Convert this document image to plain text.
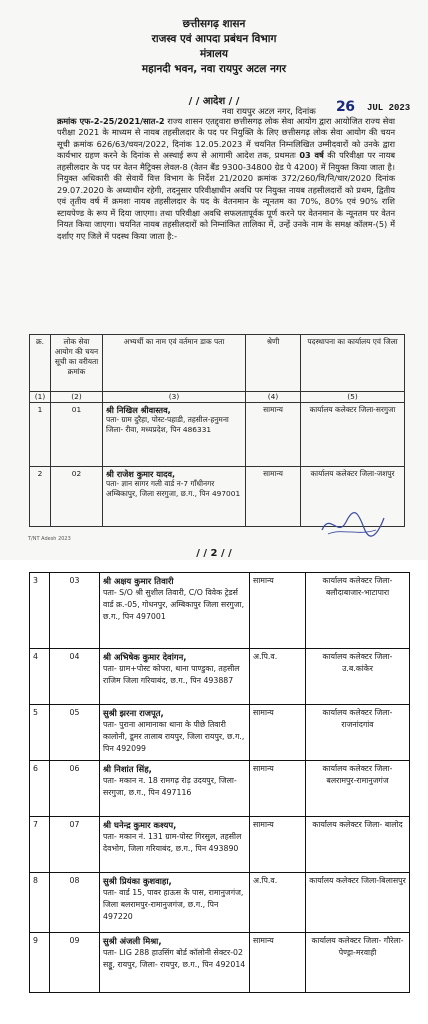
छत्तीसगढ़ शासन
राजस्व एवं आपदा प्रबंधन विभाग
मंत्रालय
महानदी भवन, नवा रायपुर अटल नगर
/ / आदेश / /
नवा रायपुर अटल नगर, दिनांक 26 JUL 2023
क्रमांक एफ-2-25/2021/सात-2 राज्य शासन एतद्द्वारा छत्तीसगढ़ लोक सेवा आयोग द्वारा आयोजित राज्य सेवा परीक्षा 2021 के माध्यम से नायब तहसीलदार के पद पर नियुक्ति के लिए छत्तीसगढ़ लोक सेवा आयोग की चयन सूची क्रमांक 626/63/चयन/2022, दिनांक 12.05.2023 में चयनित निम्नलिखित उम्मीदवारों को उनके द्वारा कार्यभार ग्रहण करने के दिनांक से अस्थाई रूप से आगामी आदेश तक, प्रथमतः 03 वर्ष की परिवीक्षा पर नायब तहसीलदार के पद पर वेतन मैट्रिक्स लेवल-8 (वेतन बैंड 9300-34800 ग्रेड पे 4200) में नियुक्त किया जाता है। नियुक्त अधिकारी की सेवायें वित्त विभाग के निर्देश 21/2020 क्रमांक 372/260/वि/नि/चार/2020 दिनांक 29.07.2020 के अध्याधीन रहेगी, तदनुसार परिवीक्षाधीन अवधि पर नियुक्त नायब तहसीलदारों को प्रथम, द्वितीय एवं तृतीय वर्ष में क्रमशः नायब तहसीलदार के पद के वेतनमान के न्यूनतम का 70%, 80% एवं 90% राशि स्टायपेण्ड के रूप में दिया जाएगा। तथा परिवीक्षा अवधि सफलतापूर्वक पूर्ण करने पर वेतनमान के न्यूनतम पर वेतन नियत किया जाएगा। चयनित नायब तहसीलदारों को निम्नांकित तालिका में, उन्हें उनके नाम के समक्ष कॉलम-(5) में दर्शाए गए जिले में पदस्थ किया जाता है:-
क्र.	लोक सेवा आयोग की चयन सूची का वरीयता क्रमांक	अभ्यर्थी का नाम एवं वर्तमान डाक पता	श्रेणी	पदस्थापना का कार्यालय एवं जिला
(1)	(2)	(3)	(4)	(5)
1	01	श्री निखिल श्रीवास्तव,
पता- ग्राम दुरैहा, पोस्ट-पहाडी, तहसील-हनुमना जिला- रीवा, मध्यप्रदेश, पिन 486331	सामान्य	कार्यालय कलेक्टर जिला-सरगुजा
2	02	श्री राजेश कुमार यादव,
पता- ज्ञान सागर गली वार्ड न-7 गाँधीनगर अम्बिकापुर, जिला सरगुजा, छ.ग., पिन 497001	सामान्य	कार्यालय कलेक्टर जिला-जशपुर
T/NT Adesh 2023
/ / 2 / /
3	03	श्री अक्षय कुमार तिवारी
पता- S/O श्री सुशील तिवारी, C/O विवेक ट्रेडर्स वार्ड क्र.-05, गोधनपुर, अम्बिकापुर जिला सरगुजा, छ.ग., पिन 497001	सामान्य	कार्यालय कलेक्टर जिला- बलौदाबाजार-भाटापारा
4	04	श्री अभिषेक कुमार देवांगन,
पता- ग्राम+पोस्ट कोपरा, थाना पाण्डुका, तहसील राजिम जिला गरियाबंद, छ.ग., पिन 493887	अ.पि.व.	कार्यालय कलेक्टर जिला-उ.ब.कांकेर
5	05	सुश्री झरना राजपूत,
पता- पुराना आमानाका थाना के पीछे तिवारी कालोनी, डूमर तालाब रायपुर, जिला रायपुर, छ.ग., पिन 492099	सामान्य	कार्यालय कलेक्टर जिला-राजनांदगांव
6	06	श्री निशांत सिंह,
पता- मकान न. 18 रामगढ़ रोड़ उदयपुर, जिला- सरगुजा, छ.ग., पिन 497116	सामान्य	कार्यालय कलेक्टर जिला- बलरामपुर-रामानुजगंज
7	07	श्री घनेन्द्र कुमार कश्यप,
पता- मकान नं. 131 ग्राम-पोस्ट गिरसुल, तहसील देवभोग, जिला गरियाबंद, छ.ग., पिन 493890	सामान्य	कार्यालय कलेक्टर जिला- बालोद
8	08	सुश्री प्रियंका कुशवाहा,
पता- वार्ड 15, पावर हाऊस के पास, रामानुजगंज, जिला बलरामपुर-रामानुजगंज, छ.ग., पिन 497220	अ.पि.व.	कार्यालय कलेक्टर जिला-बिलासपुर
9	09	सुश्री अंजली मिश्रा,
पता- LIG 288 हाउसिंग बोर्ड कॉलोनी सेक्टर-02 सड्डू, रायपुर, जिला- रायपुर, छ.ग., पिन 492014	सामान्य	कार्यालय कलेक्टर जिला- गौरेला-पेण्ड्रा-मरवाही
